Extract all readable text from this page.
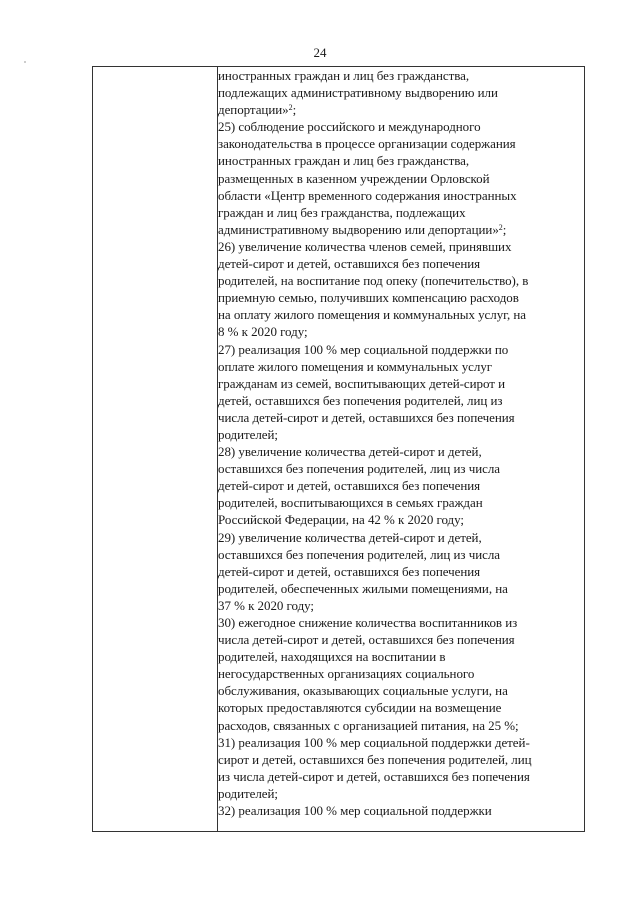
24

иностранных граждан и лиц без гражданства,
подлежащих административному выдворению или
депортации»$^2$;
25) соблюдение российского и международного
законодательства в процессе организации содержания
иностранных граждан и лиц без гражданства,
размещенных в казенном учреждении Орловской
области «Центр временного содержания иностранных
граждан и лиц без гражданства, подлежащих
административному выдворению или депортации»$^2$;
26) увеличение количества членов семей, принявших
детей-сирот и детей, оставшихся без попечения
родителей, на воспитание под опеку (попечительство), в
приемную семью, получивших компенсацию расходов
на оплату жилого помещения и коммунальных услуг, на
8 % к 2020 году;
27) реализация 100 % мер социальной поддержки по
оплате жилого помещения и коммунальных услуг
гражданам из семей, воспитывающих детей-сирот и
детей, оставшихся без попечения родителей, лиц из
числа детей-сирот и детей, оставшихся без попечения
родителей;
28) увеличение количества детей-сирот и детей,
оставшихся без попечения родителей, лиц из числа
детей-сирот и детей, оставшихся без попечения
родителей, воспитывающихся в семьях граждан
Российской Федерации, на 42 % к 2020 году;
29) увеличение количества детей-сирот и детей,
оставшихся без попечения родителей, лиц из числа
детей-сирот и детей, оставшихся без попечения
родителей, обеспеченных жилыми помещениями, на
37 % к 2020 году;
30) ежегодное снижение количества воспитанников из
числа детей-сирот и детей, оставшихся без попечения
родителей, находящихся на воспитании в
негосударственных организациях социального
обслуживания, оказывающих социальные услуги, на
которых предоставляются субсидии на возмещение
расходов, связанных с организацией питания, на 25 %;
31) реализация 100 % мер социальной поддержки детей-
сирот и детей, оставшихся без попечения родителей, лиц
из числа детей-сирот и детей, оставшихся без попечения
родителей;
32) реализация 100 % мер социальной поддержки
